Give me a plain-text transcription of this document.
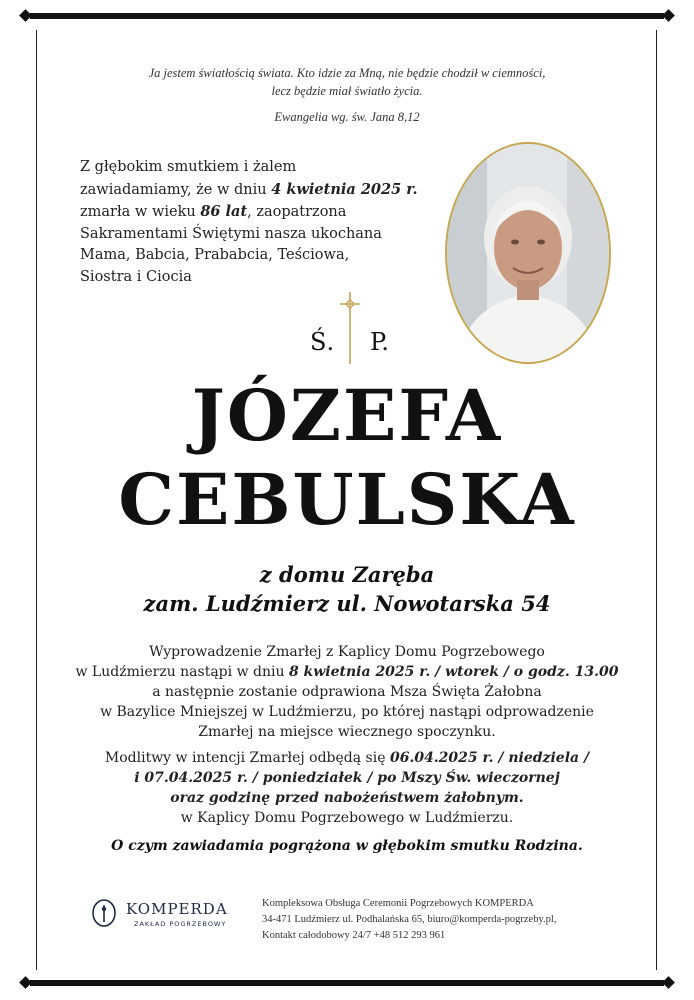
Ja jestem światłością świata. Kto idzie za Mną, nie będzie chodził w ciemności,
lecz będzie miał światło życia.
Ewangelia wg. św. Jana 8,12
Z głębokim smutkiem i żalem
zawiadamiamy, że w dniu 4 kwietnia 2025 r.
zmarła w wieku 86 lat, zaopatrzona
Sakramentami Świętymi nasza ukochana
Mama, Babcia, Prababcia, Teściowa,
Siostra i Ciocia
Ś. P.
JÓZEFA
CEBULSKA
z domu Zaręba
zam. Ludźmierz ul. Nowotarska 54
Wyprowadzenie Zmarłej z Kaplicy Domu Pogrzebowego
w Ludźmierzu nastąpi w dniu 8 kwietnia 2025 r. / wtorek / o godz. 13.00
a następnie zostanie odprawiona Msza Święta Żałobna
w Bazylice Mniejszej w Ludźmierzu, po której nastąpi odprowadzenie
Zmarłej na miejsce wiecznego spoczynku.
Modlitwy w intencji Zmarłej odbędą się 06.04.2025 r. / niedziela /
i 07.04.2025 r. / poniedziałek / po Mszy Św. wieczornej
oraz godzinę przed nabożeństwem żałobnym.
w Kaplicy Domu Pogrzebowego w Ludźmierzu.
O czym zawiadamia pogrążona w głębokim smutku Rodzina.
KOMPERDA
ZAKŁAD POGRZEBOWY
Kompleksowa Obsługa Ceremonii Pogrzebowych KOMPERDA
34-471 Ludźmierz ul. Podhalańska 65, biuro@komperda-pogrzeby.pl,
Kontakt całodobowy 24/7 +48 512 293 961
